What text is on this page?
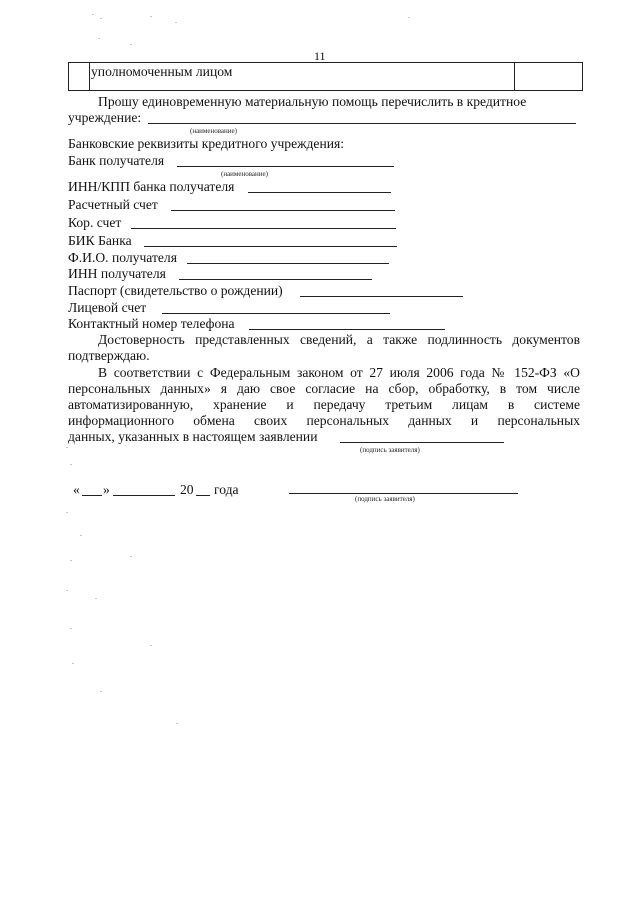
11
уполномоченным лицом
Прошу единовременную материальную помощь перечислить в кредитное
учреждение:
(наименование)
Банковские реквизиты кредитного учреждения:
Банк получателя
(наименование)
ИНН/КПП банка получателя
Расчетный счет
Кор. счет
БИК Банка
Ф.И.О. получателя
ИНН получателя
Паспорт (свидетельство о рождении)
Лицевой счет
Контактный номер телефона
Достоверность представленных сведений, а также подлинность документов
подтверждаю.
В соответствии с Федеральным законом от 27 июля 2006 года № 152-ФЗ «О
персональных данных» я даю свое согласие на сбор, обработку, в том числе
автоматизированную, хранение и передачу третьим лицам в системе
информационного обмена своих персональных данных и персональных
данных, указанных в настоящем заявлении
(подпись заявителя)
« »	20 года
(подпись заявителя)
